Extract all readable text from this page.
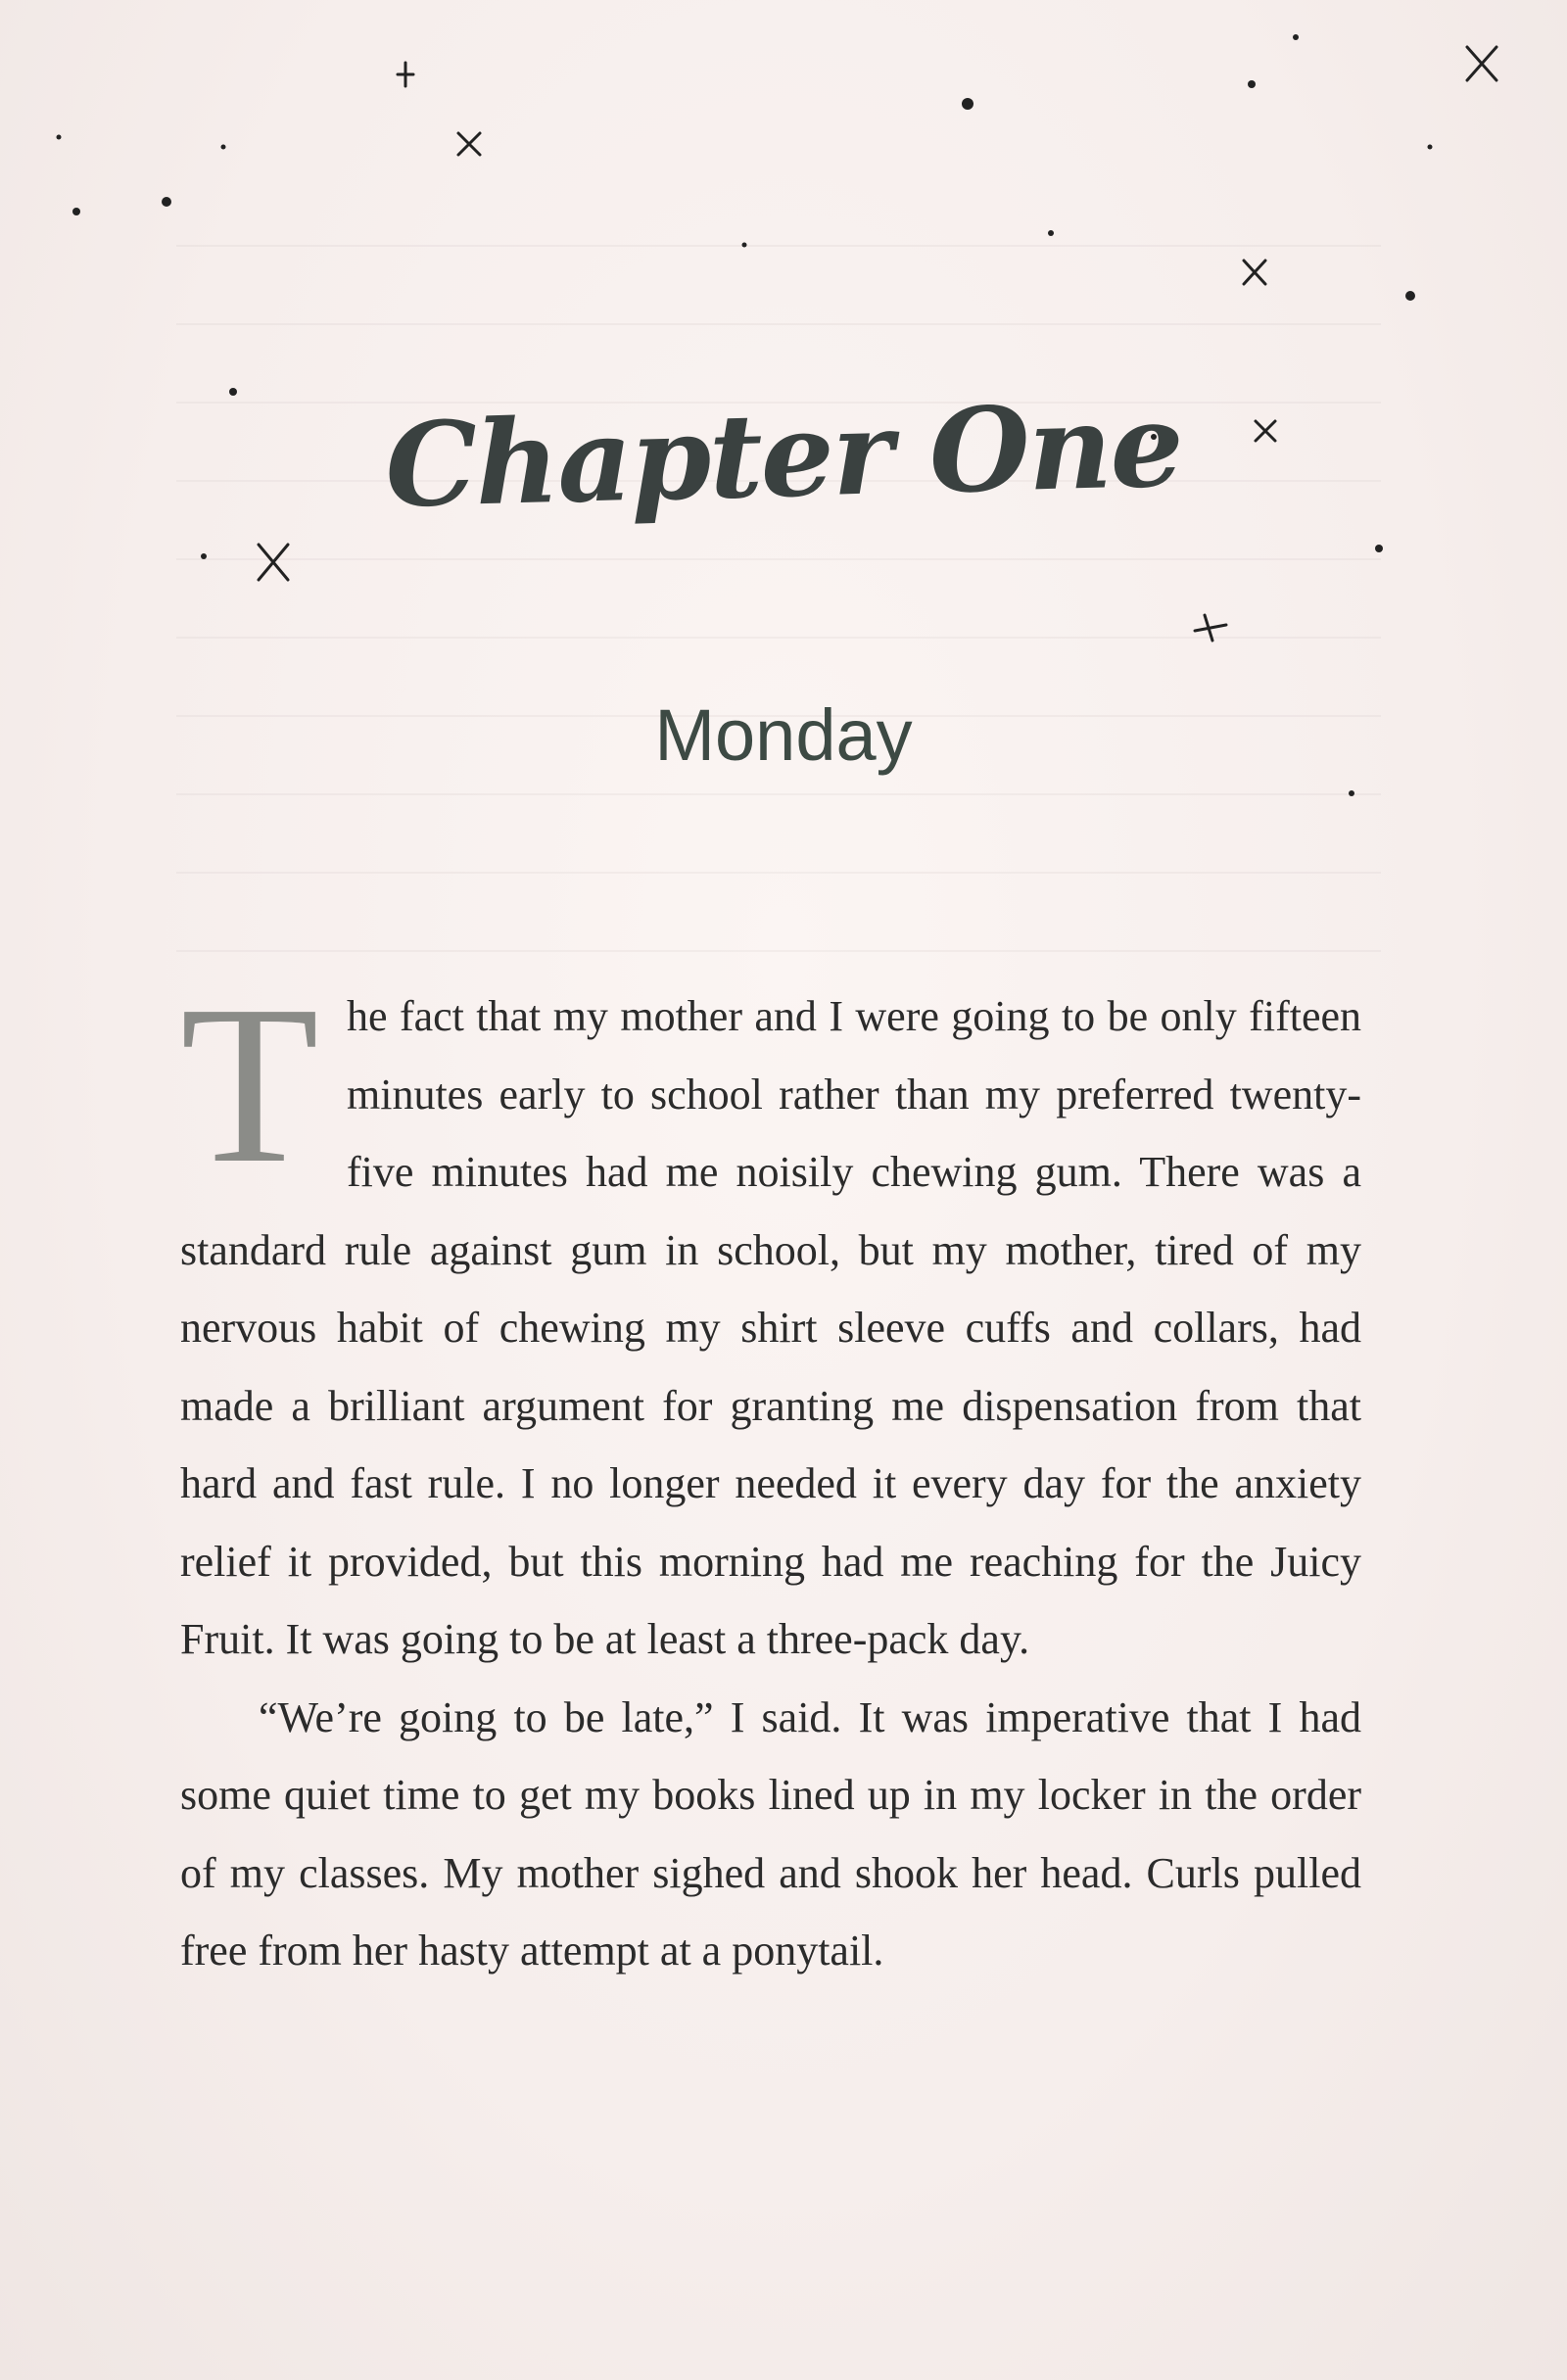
Chapter One
Monday

The fact that my mother and I were going to be only fifteen minutes early to school rather than my preferred twenty-five minutes had me noisily chewing gum. There was a standard rule against gum in school, but my mother, tired of my nervous habit of chewing my shirt sleeve cuffs and collars, had made a brilliant argument for granting me dispensation from that hard and fast rule. I no longer needed it every day for the anxiety relief it provided, but this morning had me reaching for the Juicy Fruit. It was going to be at least a three-pack day.

“We’re going to be late,” I said. It was imperative that I had some quiet time to get my books lined up in my locker in the order of my classes. My mother sighed and shook her head. Curls pulled free from her hasty attempt at a ponytail.
